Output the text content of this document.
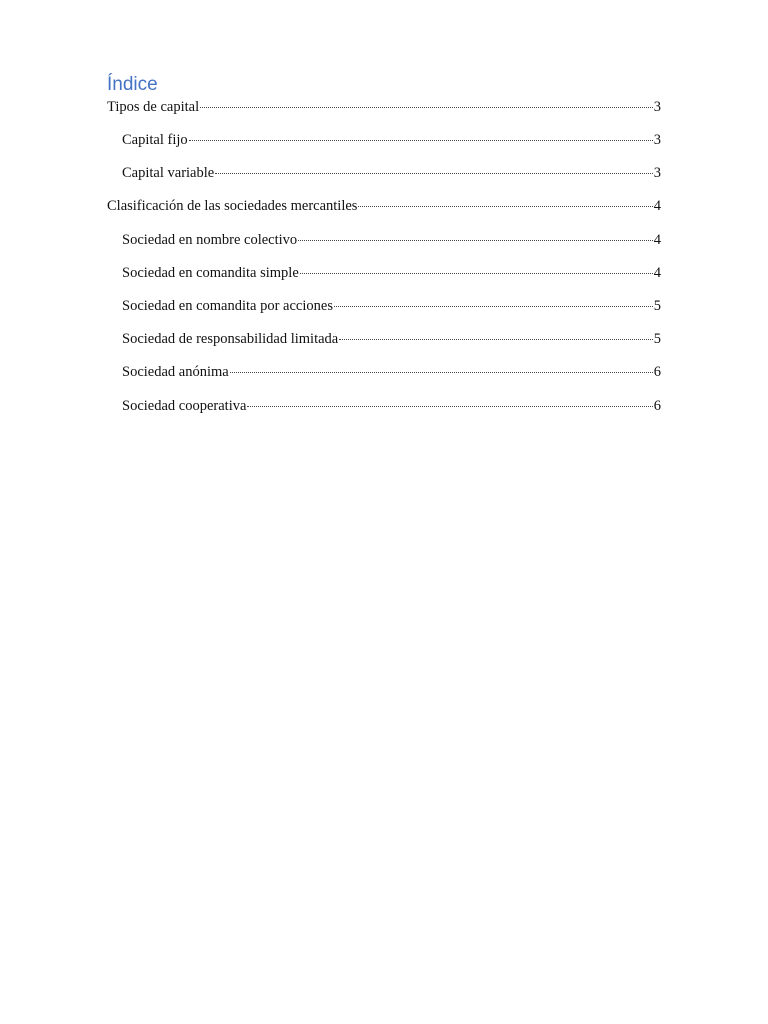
Índice
Tipos de capital	3
Capital fijo	3
Capital variable	3
Clasificación de las sociedades mercantiles	4
Sociedad en nombre colectivo	4
Sociedad en comandita simple	4
Sociedad en comandita por acciones	5
Sociedad de responsabilidad limitada	5
Sociedad anónima	6
Sociedad cooperativa	6
